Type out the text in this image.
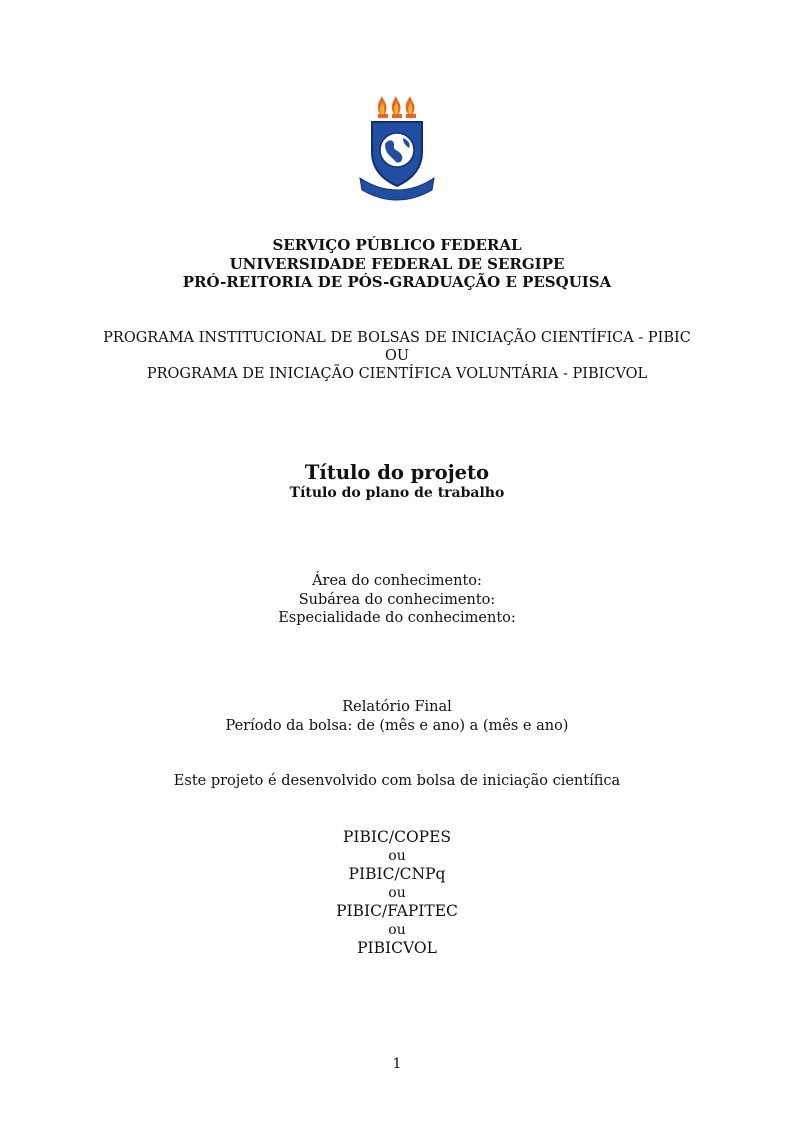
SERVIÇO PÚBLICO FEDERAL
UNIVERSIDADE FEDERAL DE SERGIPE
PRÓ-REITORIA DE PÓS-GRADUAÇÃO E PESQUISA
PROGRAMA INSTITUCIONAL DE BOLSAS DE INICIAÇÃO CIENTÍFICA - PIBIC
OU
PROGRAMA DE INICIAÇÃO CIENTÍFICA VOLUNTÁRIA - PIBICVOL
Título do projeto
Título do plano de trabalho
Área do conhecimento:
Subárea do conhecimento:
Especialidade do conhecimento:
Relatório Final
Período da bolsa: de (mês e ano) a (mês e ano)
Este projeto é desenvolvido com bolsa de iniciação científica
PIBIC/COPES
ou
PIBIC/CNPq
ou
PIBIC/FAPITEC
ou
PIBICVOL
1
